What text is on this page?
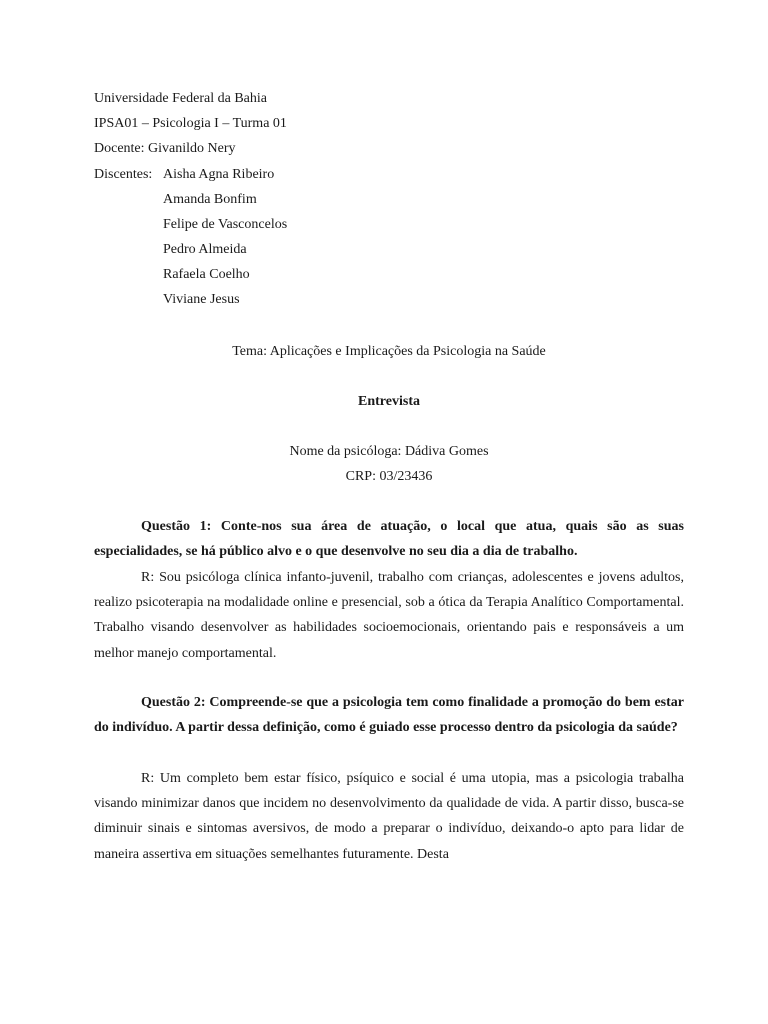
Universidade Federal da Bahia
IPSA01 – Psicologia I – Turma 01
Docente: Givanildo Nery
Discentes: Aisha Agna Ribeiro
Amanda Bonfim
Felipe de Vasconcelos
Pedro Almeida
Rafaela Coelho
Viviane Jesus
Tema: Aplicações e Implicações da Psicologia na Saúde
Entrevista
Nome da psicóloga: Dádiva Gomes
CRP: 03/23436

Questão 1: Conte-nos sua área de atuação, o local que atua, quais são as suas especialidades, se há público alvo e o que desenvolve no seu dia a dia de trabalho.

R: Sou psicóloga clínica infanto-juvenil, trabalho com crianças, adolescentes e jovens adultos, realizo psicoterapia na modalidade online e presencial, sob a ótica da Terapia Analítico Comportamental. Trabalho visando desenvolver as habilidades socioemocionais, orientando pais e responsáveis a um melhor manejo comportamental.

Questão 2: Compreende-se que a psicologia tem como finalidade a promoção do bem estar do indivíduo. A partir dessa definição, como é guiado esse processo dentro da psicologia da saúde?

R: Um completo bem estar físico, psíquico e social é uma utopia, mas a psicologia trabalha visando minimizar danos que incidem no desenvolvimento da qualidade de vida. A partir disso, busca-se diminuir sinais e sintomas aversivos, de modo a preparar o indivíduo, deixando-o apto para lidar de maneira assertiva em situações semelhantes futuramente. Desta
